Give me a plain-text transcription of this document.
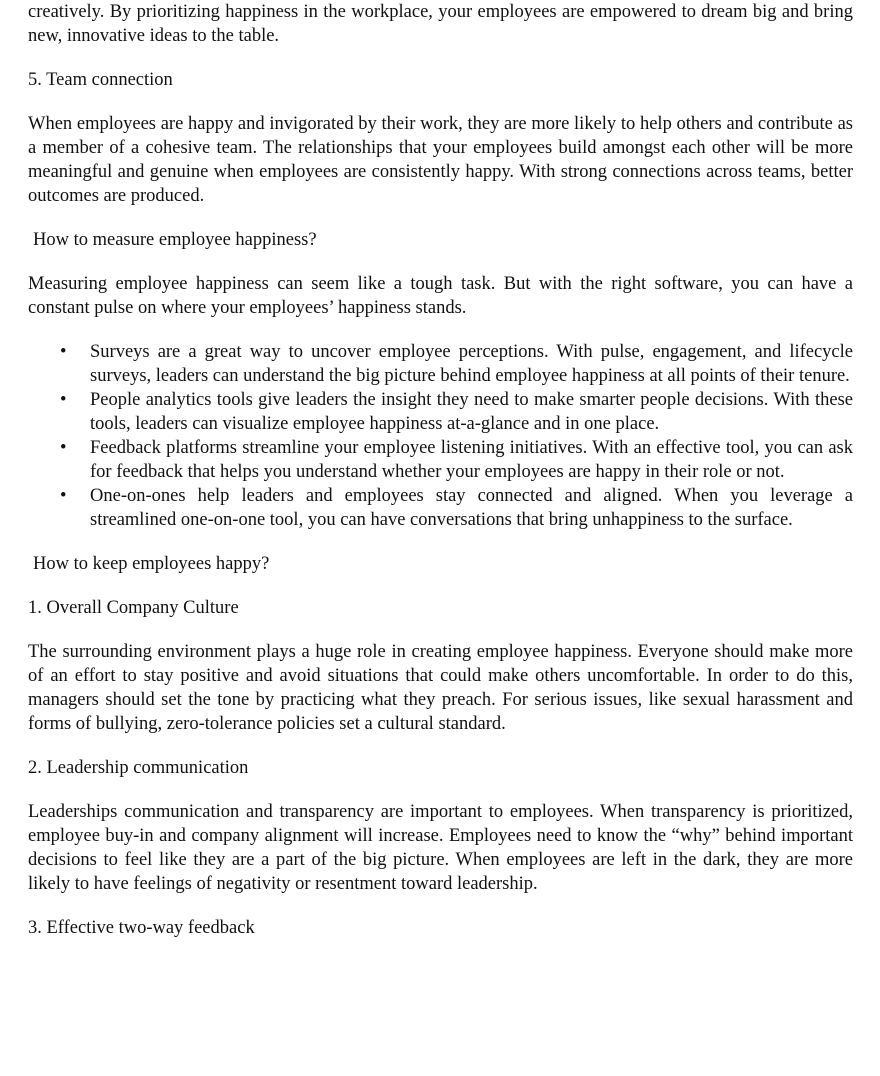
creatively. By prioritizing happiness in the workplace, your employees are empowered to dream big and bring new, innovative ideas to the table.

5. Team connection

When employees are happy and invigorated by their work, they are more likely to help others and contribute as a member of a cohesive team. The relationships that your employees build amongst each other will be more meaningful and genuine when employees are consistently happy. With strong connections across teams, better outcomes are produced.

How to measure employee happiness?

Measuring employee happiness can seem like a tough task. But with the right software, you can have a constant pulse on where your employees’ happiness stands.

• Surveys are a great way to uncover employee perceptions. With pulse, engagement, and lifecycle surveys, leaders can understand the big picture behind employee happiness at all points of their tenure.
• People analytics tools give leaders the insight they need to make smarter people decisions. With these tools, leaders can visualize employee happiness at-a-glance and in one place.
• Feedback platforms streamline your employee listening initiatives. With an effective tool, you can ask for feedback that helps you understand whether your employees are happy in their role or not.
• One-on-ones help leaders and employees stay connected and aligned. When you leverage a streamlined one-on-one tool, you can have conversations that bring unhappiness to the surface.

How to keep employees happy?

1. Overall Company Culture

The surrounding environment plays a huge role in creating employee happiness. Everyone should make more of an effort to stay positive and avoid situations that could make others uncomfortable. In order to do this, managers should set the tone by practicing what they preach. For serious issues, like sexual harassment and forms of bullying, zero-tolerance policies set a cultural standard.

2. Leadership communication

Leaderships communication and transparency are important to employees. When transparency is prioritized, employee buy-in and company alignment will increase. Employees need to know the “why” behind important decisions to feel like they are a part of the big picture. When employees are left in the dark, they are more likely to have feelings of negativity or resentment toward leadership.

3. Effective two-way feedback
